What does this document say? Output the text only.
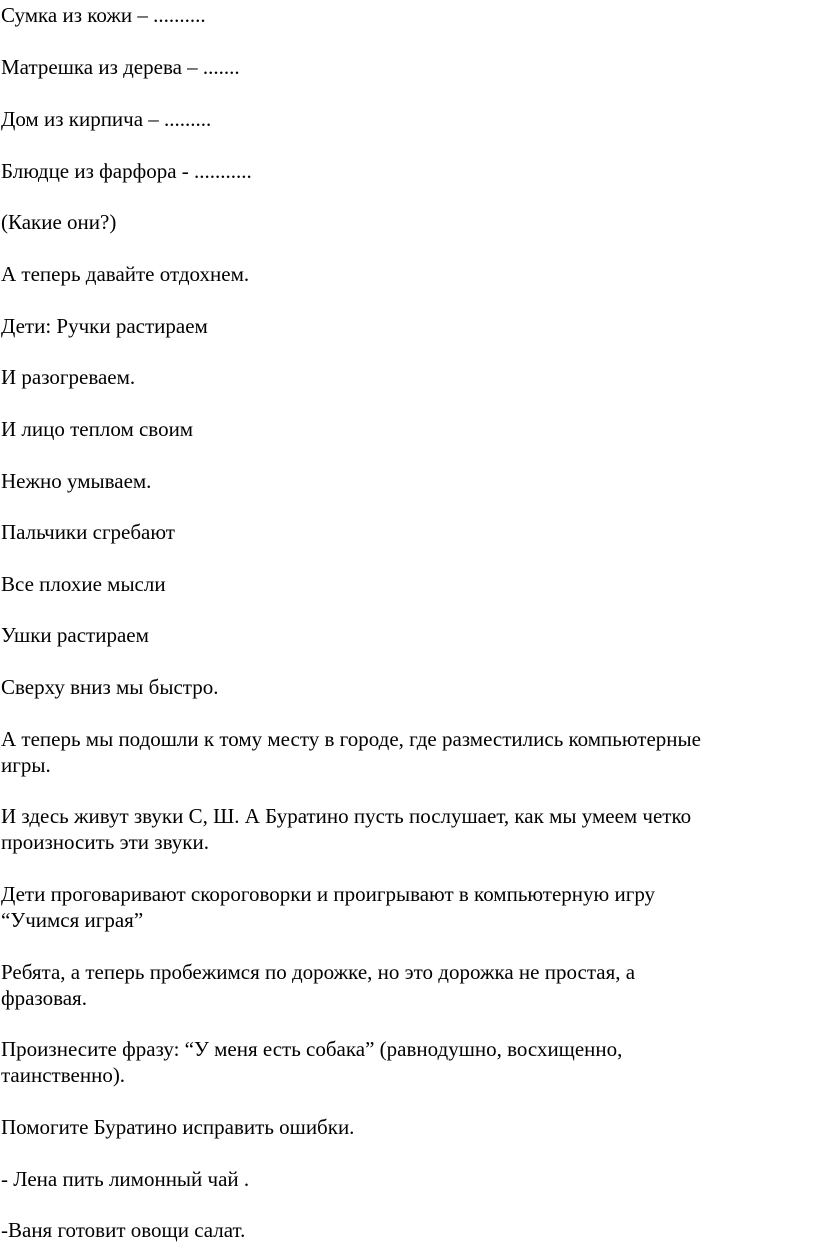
Сумка из кожи – ..........

Матрешка из дерева – .......

Дом из кирпича – .........

Блюдце из фарфора - ...........

(Какие они?)

А теперь давайте отдохнем.

Дети: Ручки растираем

И разогреваем.

И лицо теплом своим

Нежно умываем.

Пальчики сгребают

Все плохие мысли

Ушки растираем

Сверху вниз мы быстро.

А теперь мы подошли к тому месту в городе, где разместились компьютерные

игры.

И здесь живут звуки С, Ш. А Буратино пусть послушает, как мы умеем четко

произносить эти звуки.

Дети проговаривают скороговорки и проигрывают в компьютерную игру

“Учимся играя”

Ребята, а теперь пробежимся по дорожке, но это дорожка не простая, а

фразовая.

Произнесите фразу: “У меня есть собака” (равнодушно, восхищенно,

таинственно).

Помогите Буратино исправить ошибки.

- Лена пить лимонный чай .

-Ваня готовит овощи салат.
